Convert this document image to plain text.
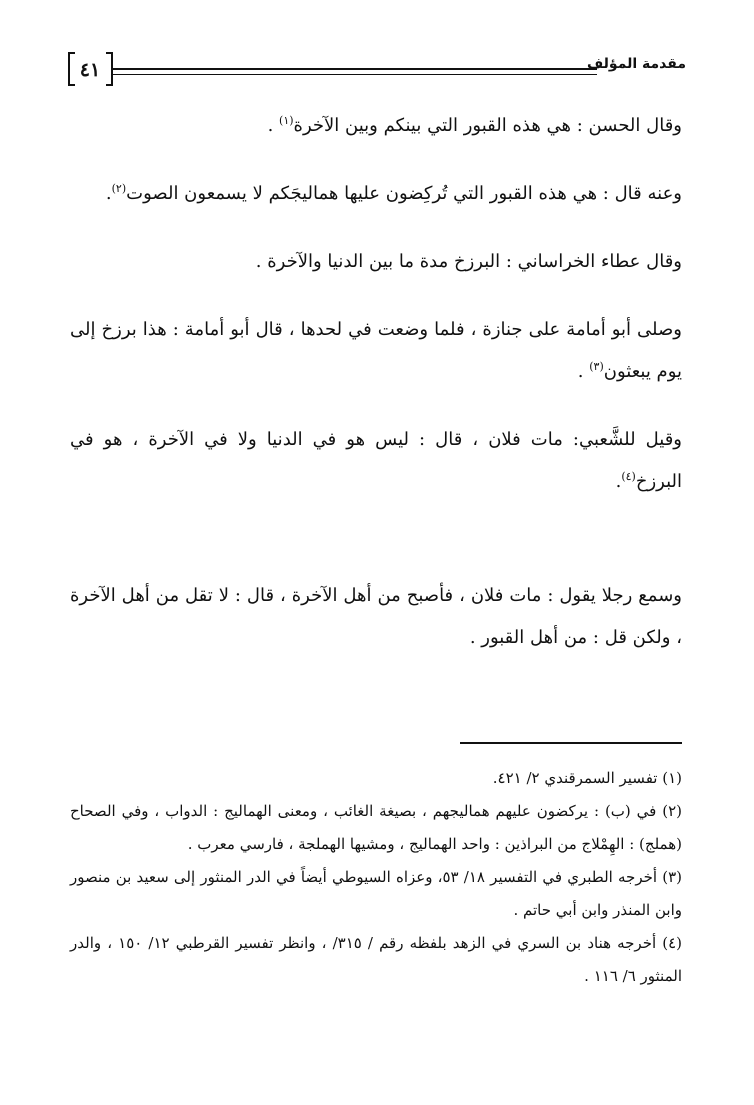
٤١	مقدمة المؤلف

وقال الحسن : هي هذه القبور التي بينكم وبين الآخرة$^{(١)}$ .

وعنه قال : هي هذه القبور التي تُركِضون عليها هماليجَكم لا يسمعون الصوت$^{(٢)}$.

وقال عطاء الخراساني : البرزخ مدة ما بين الدنيا والآخرة .

وصلى أبو أمامة على جنازة ، فلما وضعت في لحدها ، قال أبو أمامة : هذا برزخ إلى يوم يبعثون$^{(٣)}$ .

وقيل للشَّعبي: مات فلان ، قال : ليس هو في الدنيا ولا في الآخرة ، هو في البرزخ$^{(٤)}$.

وسمع رجلا يقول : مات فلان ، فأصبح من أهل الآخرة ، قال : لا تقل من أهل الآخرة ، ولكن قل : من أهل القبور .

(١) تفسير السمرقندي ٢/ ٤٢١.

(٢) في (ب) : يركضون عليهم هماليجهم ، بصيغة الغائب ، ومعنى الهماليج : الدواب ، وفي الصحاح (هملج) : الهِمْلاج من البراذين : واحد الهماليج ، ومشيها الهملجة ، فارسي معرب .

(٣) أخرجه الطبري في التفسير ١٨/ ٥٣، وعزاه السيوطي أيضاً في الدر المنثور إلى سعيد بن منصور وابن المنذر وابن أبي حاتم .

(٤) أخرجه هناد بن السري في الزهد بلفظه رقم / ٣١٥/ ، وانظر تفسير القرطبي ١٢/ ١٥٠ ، والدر المنثور ٦/ ١١٦ .
